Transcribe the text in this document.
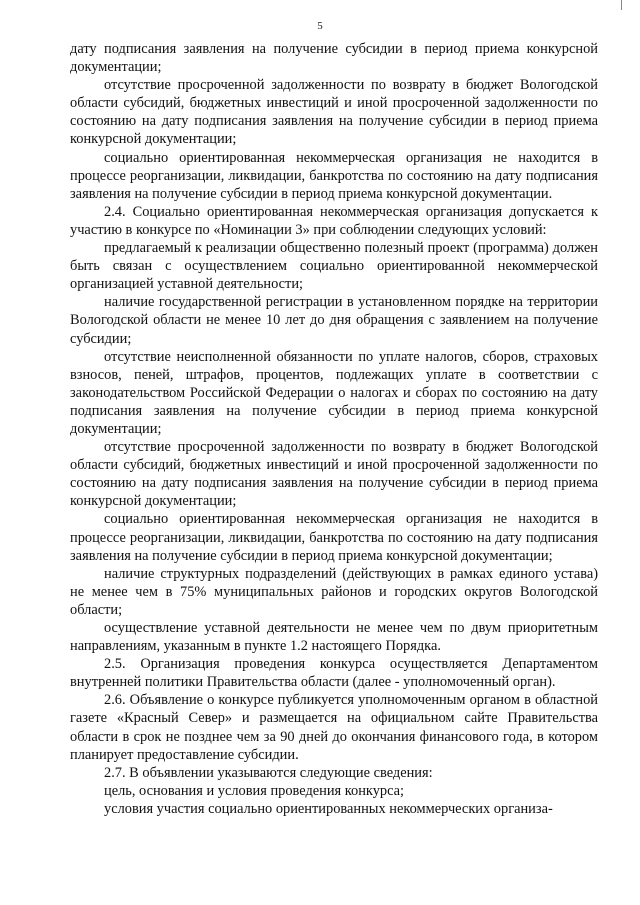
5

дату подписания заявления на получение субсидии в период приема конкурсной документации;

отсутствие просроченной задолженности по возврату в бюджет Вологодской области субсидий, бюджетных инвестиций и иной просроченной задолженности по состоянию на дату подписания заявления на получение субсидии в период приема конкурсной документации;

социально ориентированная некоммерческая организация не находится в процессе реорганизации, ликвидации, банкротства по состоянию на дату подписания заявления на получение субсидии в период приема конкурсной документации.

2.4. Социально ориентированная некоммерческая организация допускается к участию в конкурсе по «Номинации 3» при соблюдении следующих условий:

предлагаемый к реализации общественно полезный проект (программа) должен быть связан с осуществлением социально ориентированной некоммерческой организацией уставной деятельности;

наличие государственной регистрации в установленном порядке на территории Вологодской области не менее 10 лет до дня обращения с заявлением на получение субсидии;

отсутствие неисполненной обязанности по уплате налогов, сборов, страховых взносов, пеней, штрафов, процентов, подлежащих уплате в соответствии с законодательством Российской Федерации о налогах и сборах по состоянию на дату подписания заявления на получение субсидии в период приема конкурсной документации;

отсутствие просроченной задолженности по возврату в бюджет Вологодской области субсидий, бюджетных инвестиций и иной просроченной задолженности по состоянию на дату подписания заявления на получение субсидии в период приема конкурсной документации;

социально ориентированная некоммерческая организация не находится в процессе реорганизации, ликвидации, банкротства по состоянию на дату подписания заявления на получение субсидии в период приема конкурсной документации;

наличие структурных подразделений (действующих в рамках единого устава) не менее чем в 75% муниципальных районов и городских округов Вологодской области;

осуществление уставной деятельности не менее чем по двум приоритетным направлениям, указанным в пункте 1.2 настоящего Порядка.

2.5. Организация проведения конкурса осуществляется Департаментом внутренней политики Правительства области (далее - уполномоченный орган).

2.6. Объявление о конкурсе публикуется уполномоченным органом в областной газете «Красный Север» и размещается на официальном сайте Правительства области в срок не позднее чем за 90 дней до окончания финансового года, в котором планирует предоставление субсидии.

2.7. В объявлении указываются следующие сведения:

цель, основания и условия проведения конкурса;

условия участия социально ориентированных некоммерческих организа-
